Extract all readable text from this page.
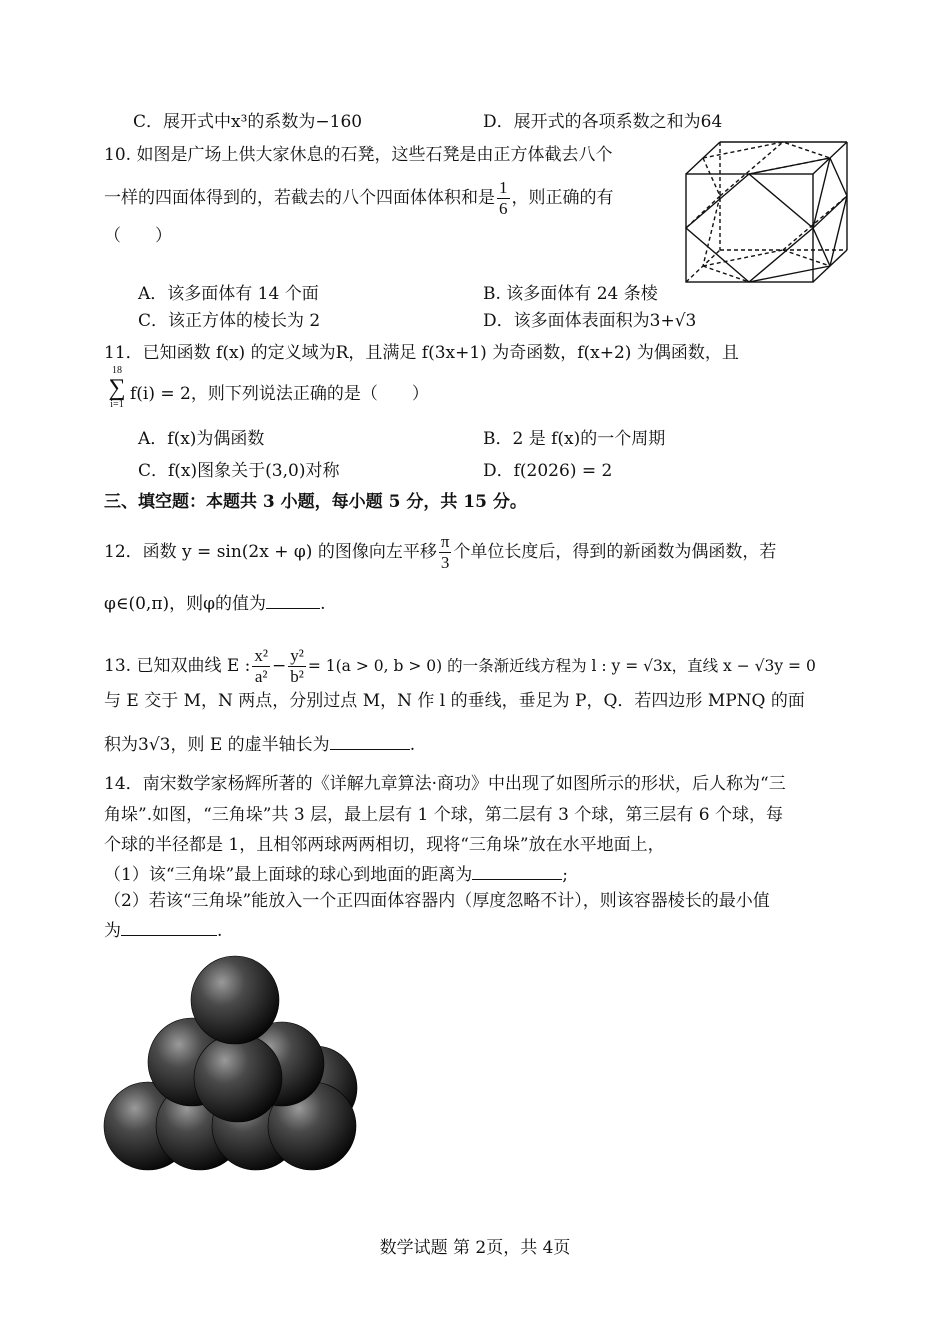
C．展开式中x³的系数为−160	D．展开式的各项系数之和为64
10. 如图是广场上供大家休息的石凳，这些石凳是由正方体截去八个
一样的四面体得到的，若截去的八个四面体体积和是 $\frac{1}{6}$ ，则正确的有
（　　）
A．该多面体有 14 个面	B. 该多面体有 24 条棱
C．该正方体的棱长为 2	D．该多面体表面积为3+√3
11．已知函数 f(x) 的定义域为R，且满足 f(3x+1) 为奇函数，f(x+2) 为偶函数，且
18
∑
i=1
f(i) = 2，则下列说法正确的是（　　）
A．f(x)为偶函数	B．2 是 f(x)的一个周期
C．f(x)图象关于(3,0)对称	D．f(2026) = 2
三、填空题：本题共 3 小题，每小题 5 分，共 15 分。
12．函数 y = sin(2x + φ) 的图像向左平移 $\frac{\pi}{3}$ 个单位长度后，得到的新函数为偶函数，若
φ∈(0,π)，则φ的值为	.
13. 已知双曲线 E : $\frac{\text{x²}}{\text{a²}} - \frac{\text{y²}}{\text{b²}} = 1(a > 0$, b > 0) 的一条渐近线方程为 l : y = √3x，直线 x − √3y = 0
与 E 交于 M，N 两点，分别过点 M，N 作 l 的垂线，垂足为 P，Q．若四边形 MPNQ 的面
积为3√3，则 E 的虚半轴长为	.
14．南宋数学家杨辉所著的《详解九章算法·商功》中出现了如图所示的形状，后人称为“三
角垛”.如图，“三角垛”共 3 层，最上层有 1 个球，第二层有 3 个球，第三层有 6 个球，每
个球的半径都是 1，且相邻两球两两相切，现将“三角垛”放在水平地面上，
（1）该“三角垛”最上面球的球心到地面的距离为	;
（2）若该“三角垛”能放入一个正四面体容器内（厚度忽略不计），则该容器棱长的最小值
为	.
数学试题 第 2页，共 4页
